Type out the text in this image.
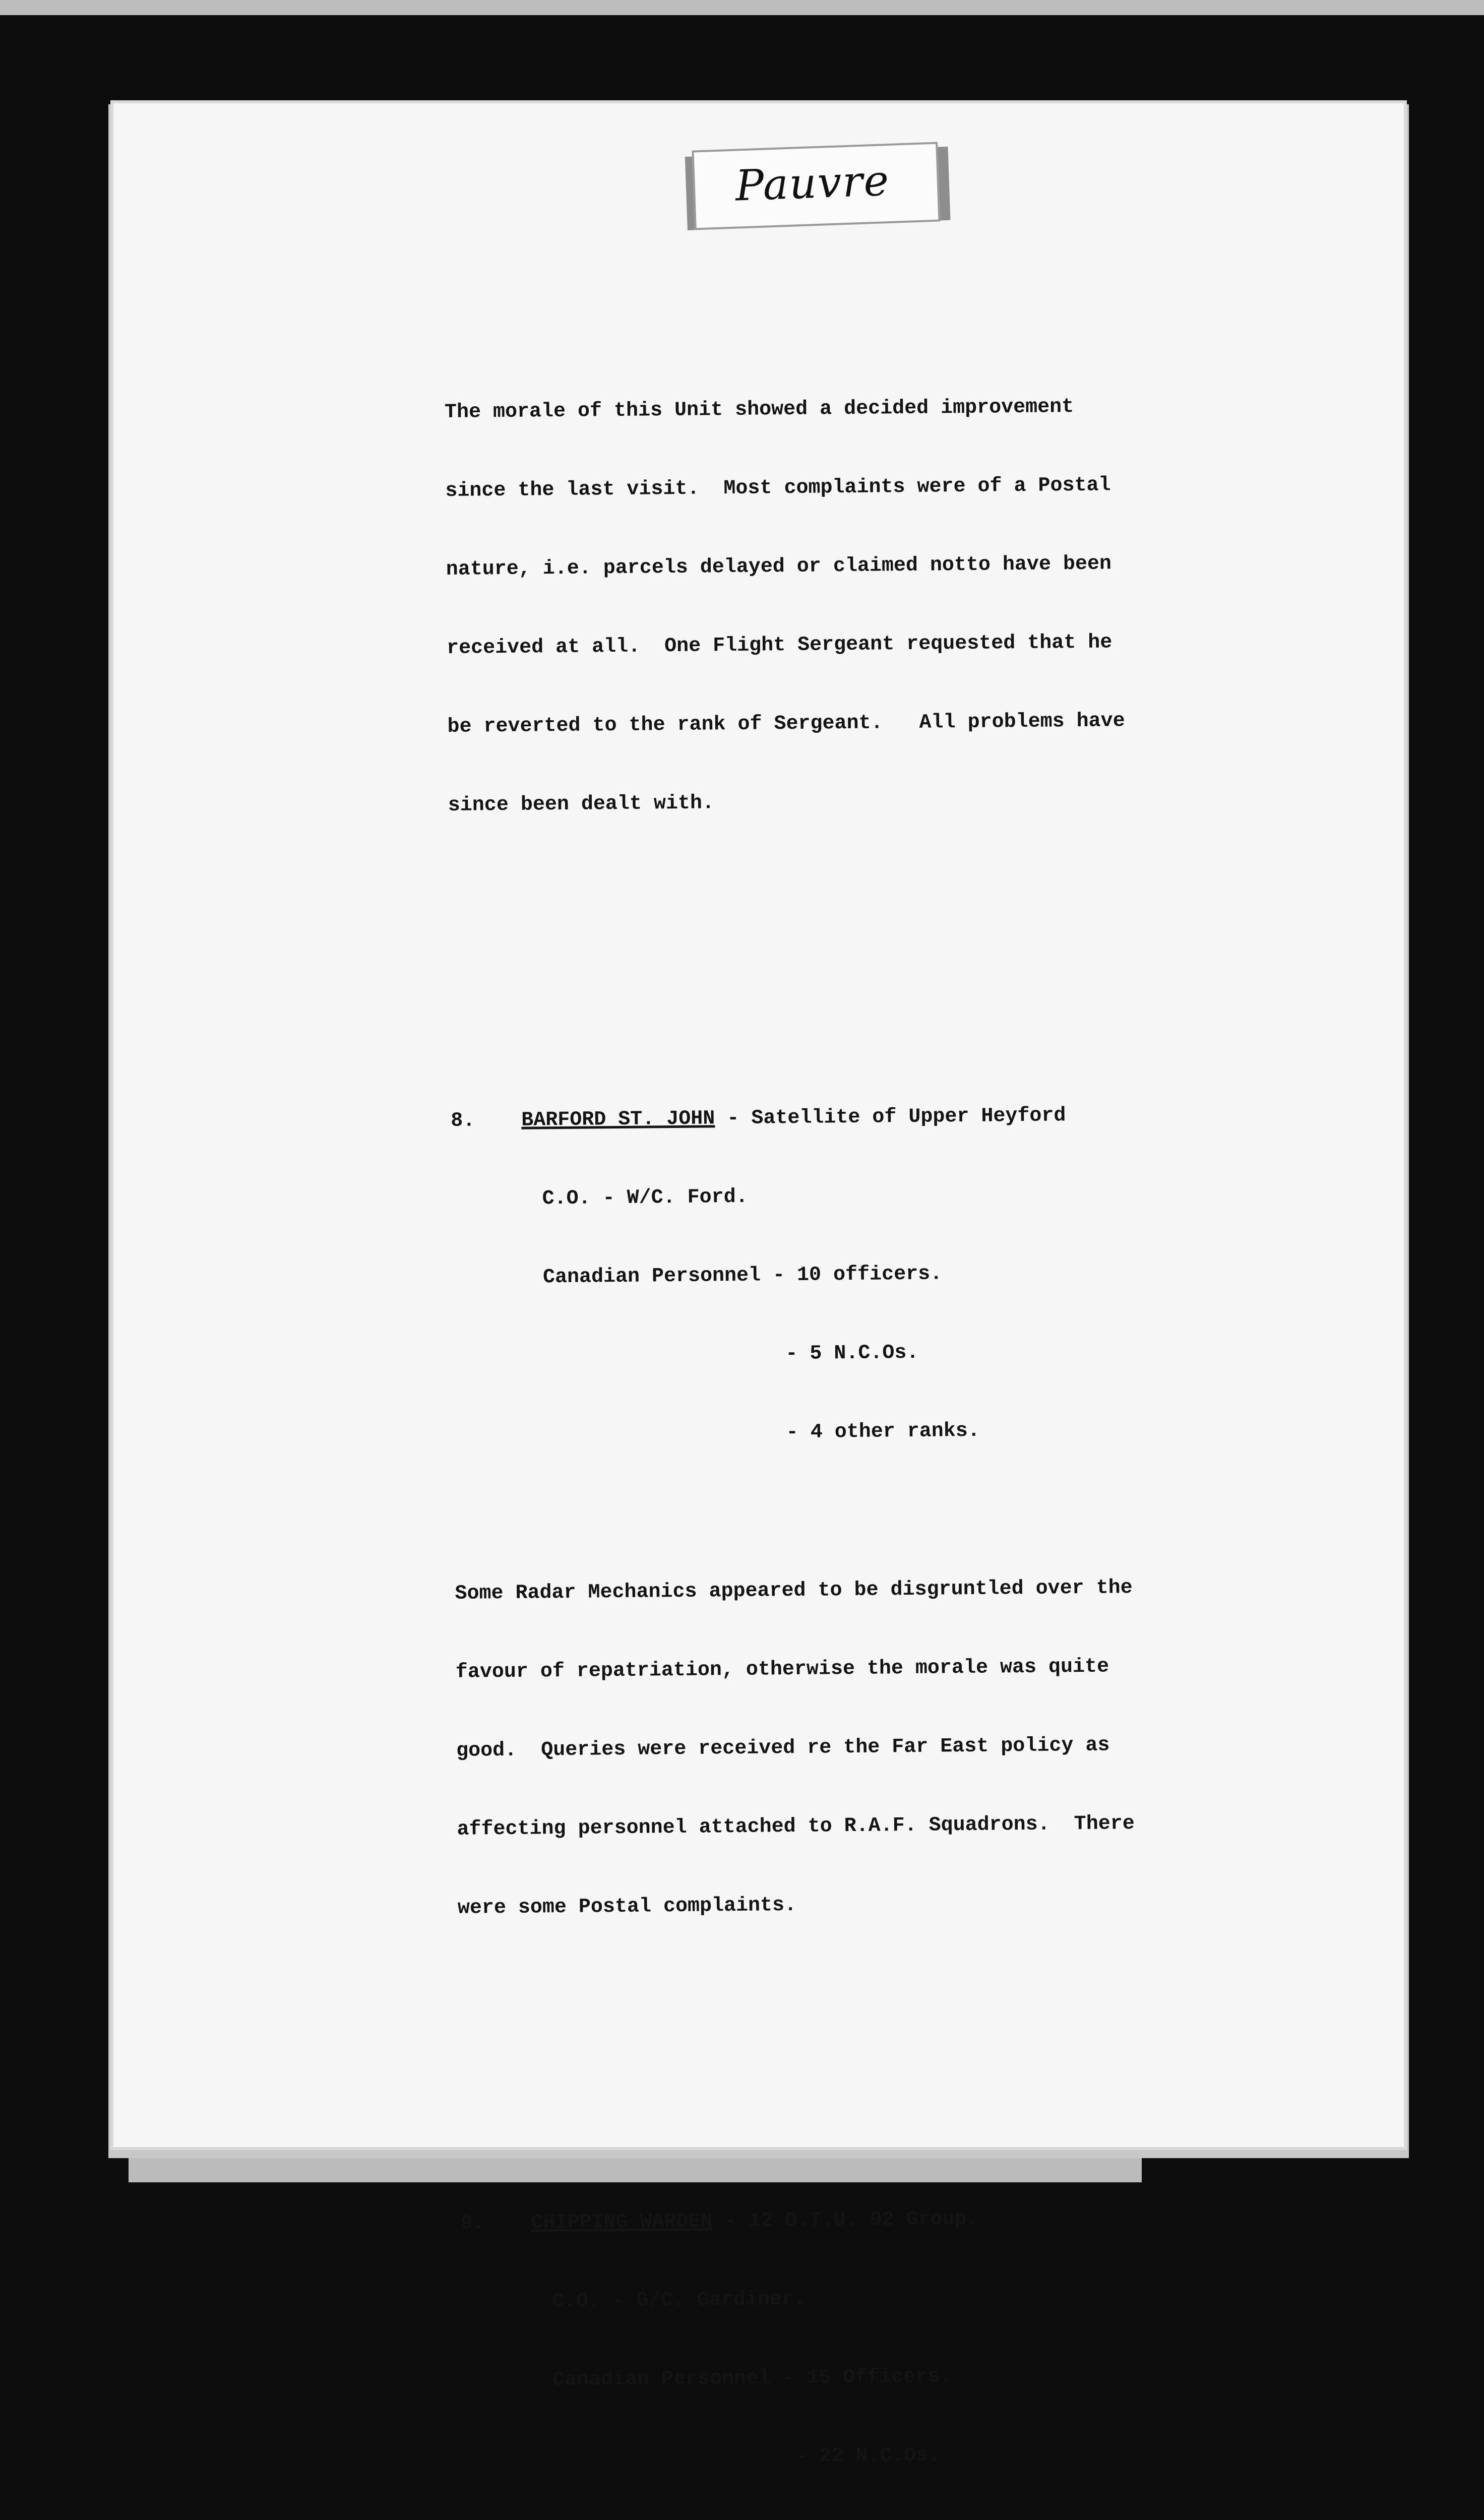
Pauvre

The morale of this Unit showed a decided improvement

since the last visit.  Most complaints were of a Postal

nature, i.e. parcels delayed or claimed notto have been

received at all.  One Flight Sergeant requested that he

be reverted to the rank of Sergeant.   All problems have

since been dealt with.

8.	BARFORD ST. JOHN - Satellite of Upper Heyford

C.O. - W/C. Ford.

Canadian Personnel - 10 officers.

- 5 N.C.Os.

- 4 other ranks.

Some Radar Mechanics appeared to be disgruntled over the

favour of repatriation, otherwise the morale was quite

good.  Queries were received re the Far East policy as

affecting personnel attached to R.A.F. Squadrons.  There

were some Postal complaints.

9.	CHIPPING WARDEN - 12 O.T.U. 92 Group.

C.O. - G/C. Gardiner.

Canadian Personnel - 15 Officers.

- 22 N.C.Os.
